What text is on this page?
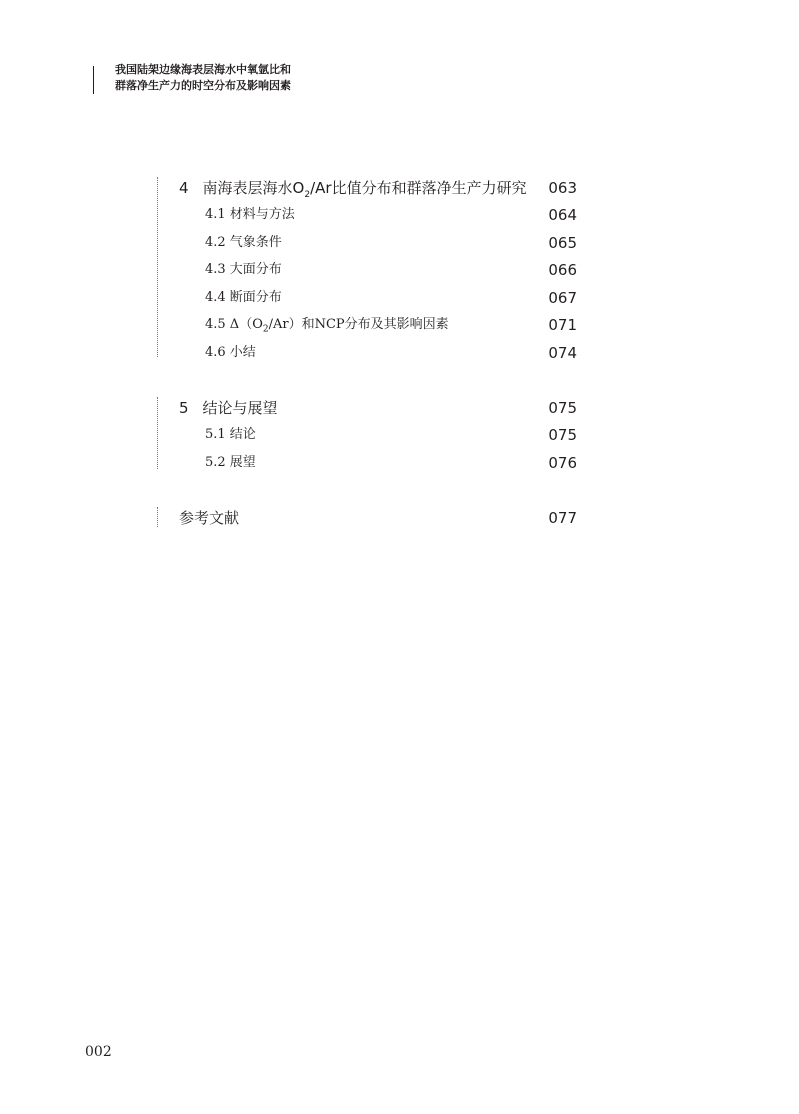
我国陆架边缘海表层海水中氧氩比和
群落净生产力的时空分布及影响因素
4 南海表层海水$O_2/Ar$比值分布和群落净生产力研究 063
4.1 材料与方法	064
4.2 气象条件	065
4.3 大面分布	066
4.4 断面分布	067
4.5 $\Delta(O_2/Ar)$和NCP分布及其影响因素	071
4.6 小结	074
5 结论与展望	075
5.1 结论	075
5.2 展望	076
参考文献	077
002
